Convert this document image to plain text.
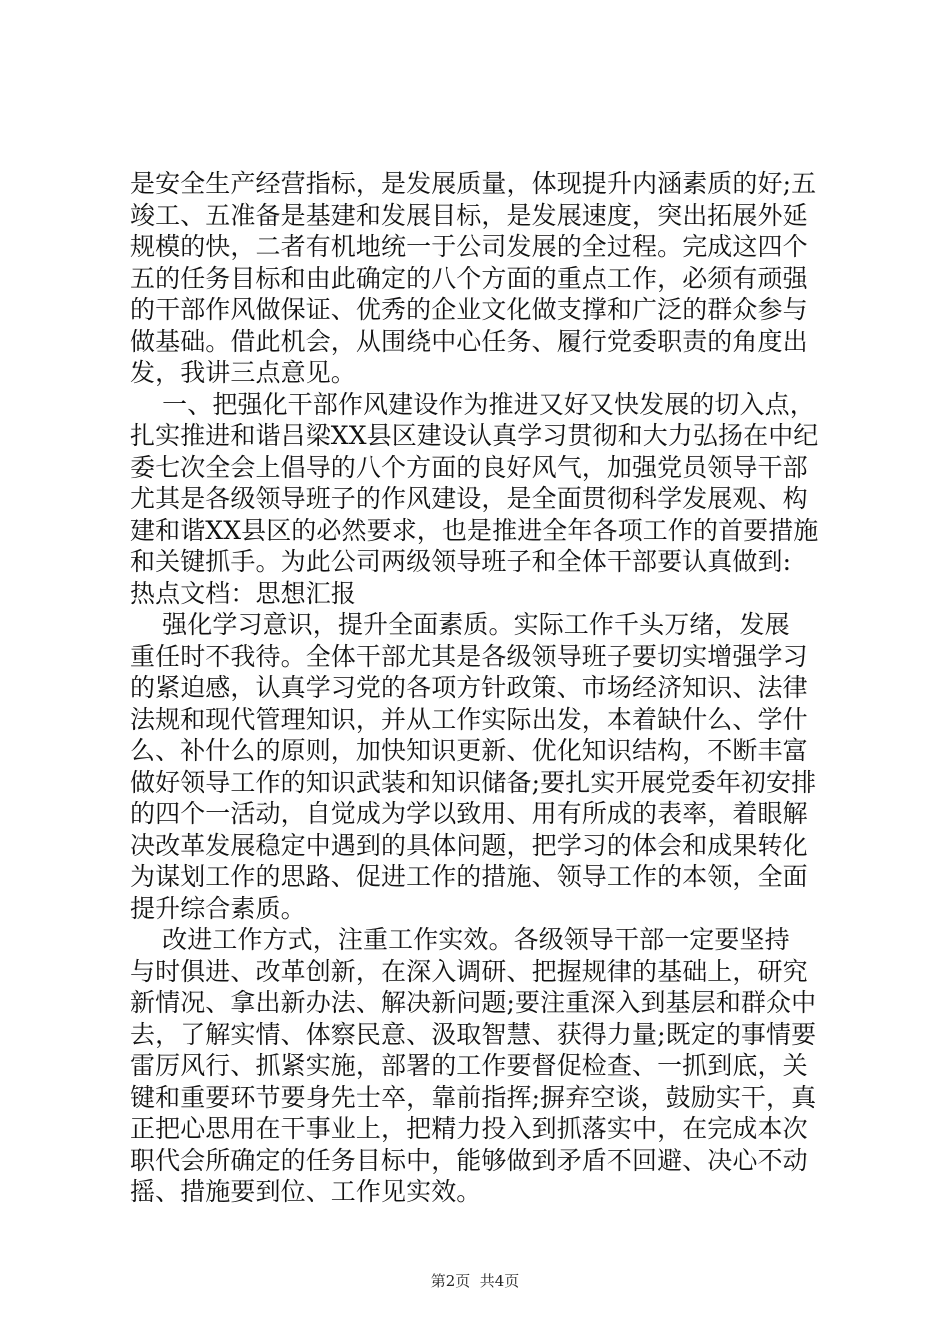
是安全生产经营指标，是发展质量，体现提升内涵素质的好;五
竣工、五准备是基建和发展目标，是发展速度，突出拓展外延
规模的快，二者有机地统一于公司发展的全过程。完成这四个
五的任务目标和由此确定的八个方面的重点工作，必须有顽强
的干部作风做保证、优秀的企业文化做支撑和广泛的群众参与
做基础。借此机会，从围绕中心任务、履行党委职责的角度出
发，我讲三点意见。
一、把强化干部作风建设作为推进又好又快发展的切入点，
扎实推进和谐吕梁XX县区建设认真学习贯彻和大力弘扬在中纪
委七次全会上倡导的八个方面的良好风气，加强党员领导干部
尤其是各级领导班子的作风建设，是全面贯彻科学发展观、构
建和谐XX县区的必然要求，也是推进全年各项工作的首要措施
和关键抓手。为此公司两级领导班子和全体干部要认真做到:
热点文档：思想汇报
强化学习意识，提升全面素质。实际工作千头万绪，发展
重任时不我待。全体干部尤其是各级领导班子要切实增强学习
的紧迫感，认真学习党的各项方针政策、市场经济知识、法律
法规和现代管理知识，并从工作实际出发，本着缺什么、学什
么、补什么的原则，加快知识更新、优化知识结构，不断丰富
做好领导工作的知识武装和知识储备;要扎实开展党委年初安排
的四个一活动，自觉成为学以致用、用有所成的表率，着眼解
决改革发展稳定中遇到的具体问题，把学习的体会和成果转化
为谋划工作的思路、促进工作的措施、领导工作的本领，全面
提升综合素质。
改进工作方式，注重工作实效。各级领导干部一定要坚持
与时俱进、改革创新，在深入调研、把握规律的基础上，研究
新情况、拿出新办法、解决新问题;要注重深入到基层和群众中
去，了解实情、体察民意、汲取智慧、获得力量;既定的事情要
雷厉风行、抓紧实施，部署的工作要督促检查、一抓到底，关
键和重要环节要身先士卒，靠前指挥;摒弃空谈，鼓励实干，真
正把心思用在干事业上，把精力投入到抓落实中，在完成本次
职代会所确定的任务目标中，能够做到矛盾不回避、决心不动
摇、措施要到位、工作见实效。
第2页  共4页
